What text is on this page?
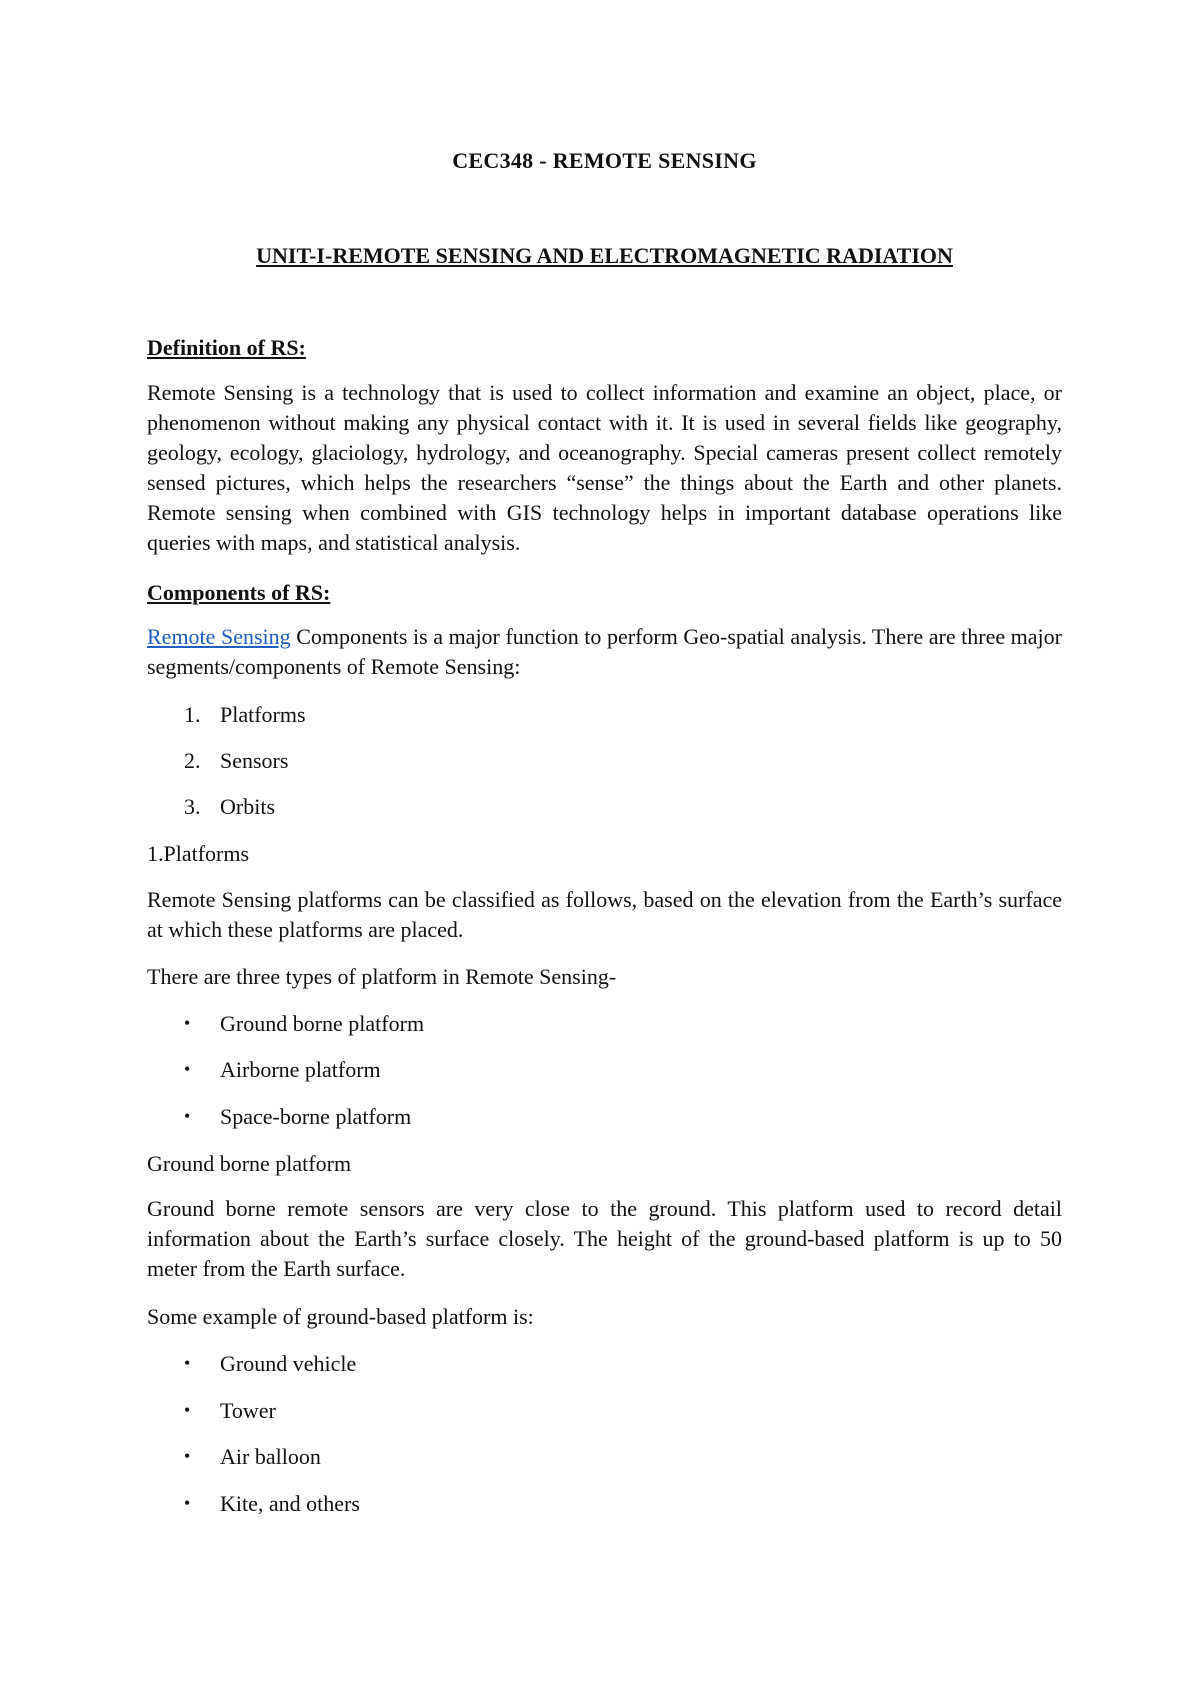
CEC348 - REMOTE SENSING
UNIT-I-REMOTE SENSING AND ELECTROMAGNETIC RADIATION
Definition of RS:
Remote Sensing is a technology that is used to collect information and examine an object, place, or phenomenon without making any physical contact with it. It is used in several fields like geography, geology, ecology, glaciology, hydrology, and oceanography. Special cameras present collect remotely sensed pictures, which helps the researchers “sense” the things about the Earth and other planets. Remote sensing when combined with GIS technology helps in important database operations like queries with maps, and statistical analysis.
Components of RS:
Remote Sensing Components is a major function to perform Geo-spatial analysis. There are three major segments/components of Remote Sensing:
1. Platforms
2. Sensors
3. Orbits
1.Platforms
Remote Sensing platforms can be classified as follows, based on the elevation from the Earth’s surface at which these platforms are placed.
There are three types of platform in Remote Sensing-
• Ground borne platform
• Airborne platform
• Space-borne platform
Ground borne platform
Ground borne remote sensors are very close to the ground. This platform used to record detail information about the Earth’s surface closely. The height of the ground-based platform is up to 50 meter from the Earth surface.
Some example of ground-based platform is:
• Ground vehicle
• Tower
• Air balloon
• Kite, and others
